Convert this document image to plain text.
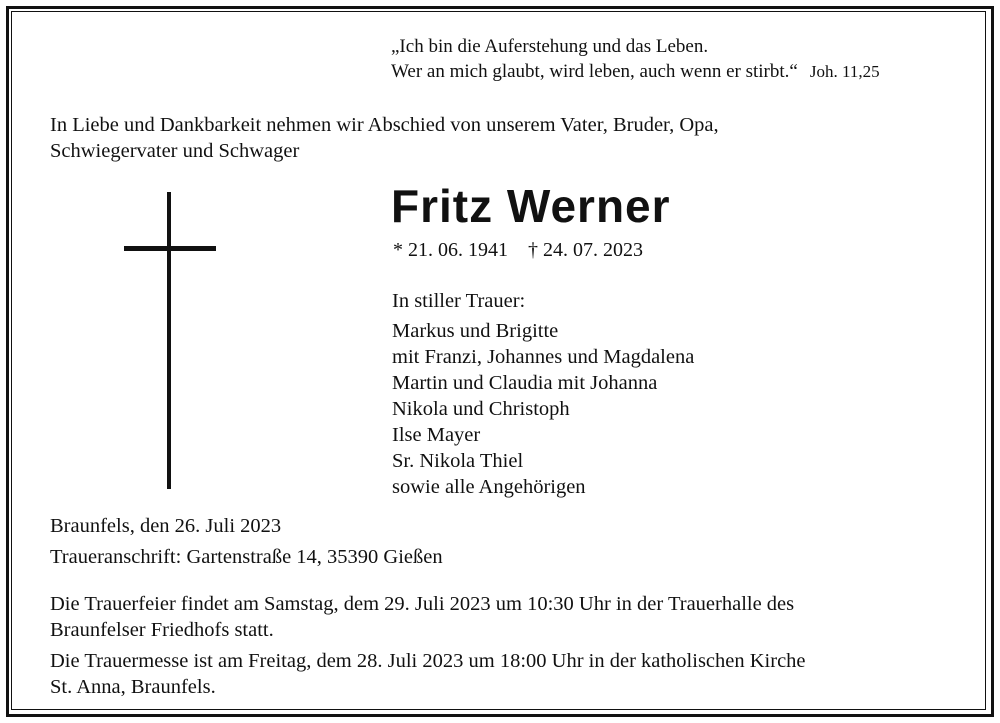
„Ich bin die Auferstehung und das Leben.
Wer an mich glaubt, wird leben, auch wenn er stirbt.“ Joh. 11,25
In Liebe und Dankbarkeit nehmen wir Abschied von unserem Vater, Bruder, Opa,
Schwiegervater und Schwager
Fritz Werner
* 21. 06. 1941 † 24. 07. 2023
In stiller Trauer:
Markus und Brigitte
mit Franzi, Johannes und Magdalena
Martin und Claudia mit Johanna
Nikola und Christoph
Ilse Mayer
Sr. Nikola Thiel
sowie alle Angehörigen
Braunfels, den 26. Juli 2023
Traueranschrift: Gartenstraße 14, 35390 Gießen
Die Trauerfeier findet am Samstag, dem 29. Juli 2023 um 10:30 Uhr in der Trauerhalle des
Braunfelser Friedhofs statt.
Die Trauermesse ist am Freitag, dem 28. Juli 2023 um 18:00 Uhr in der katholischen Kirche
St. Anna, Braunfels.
